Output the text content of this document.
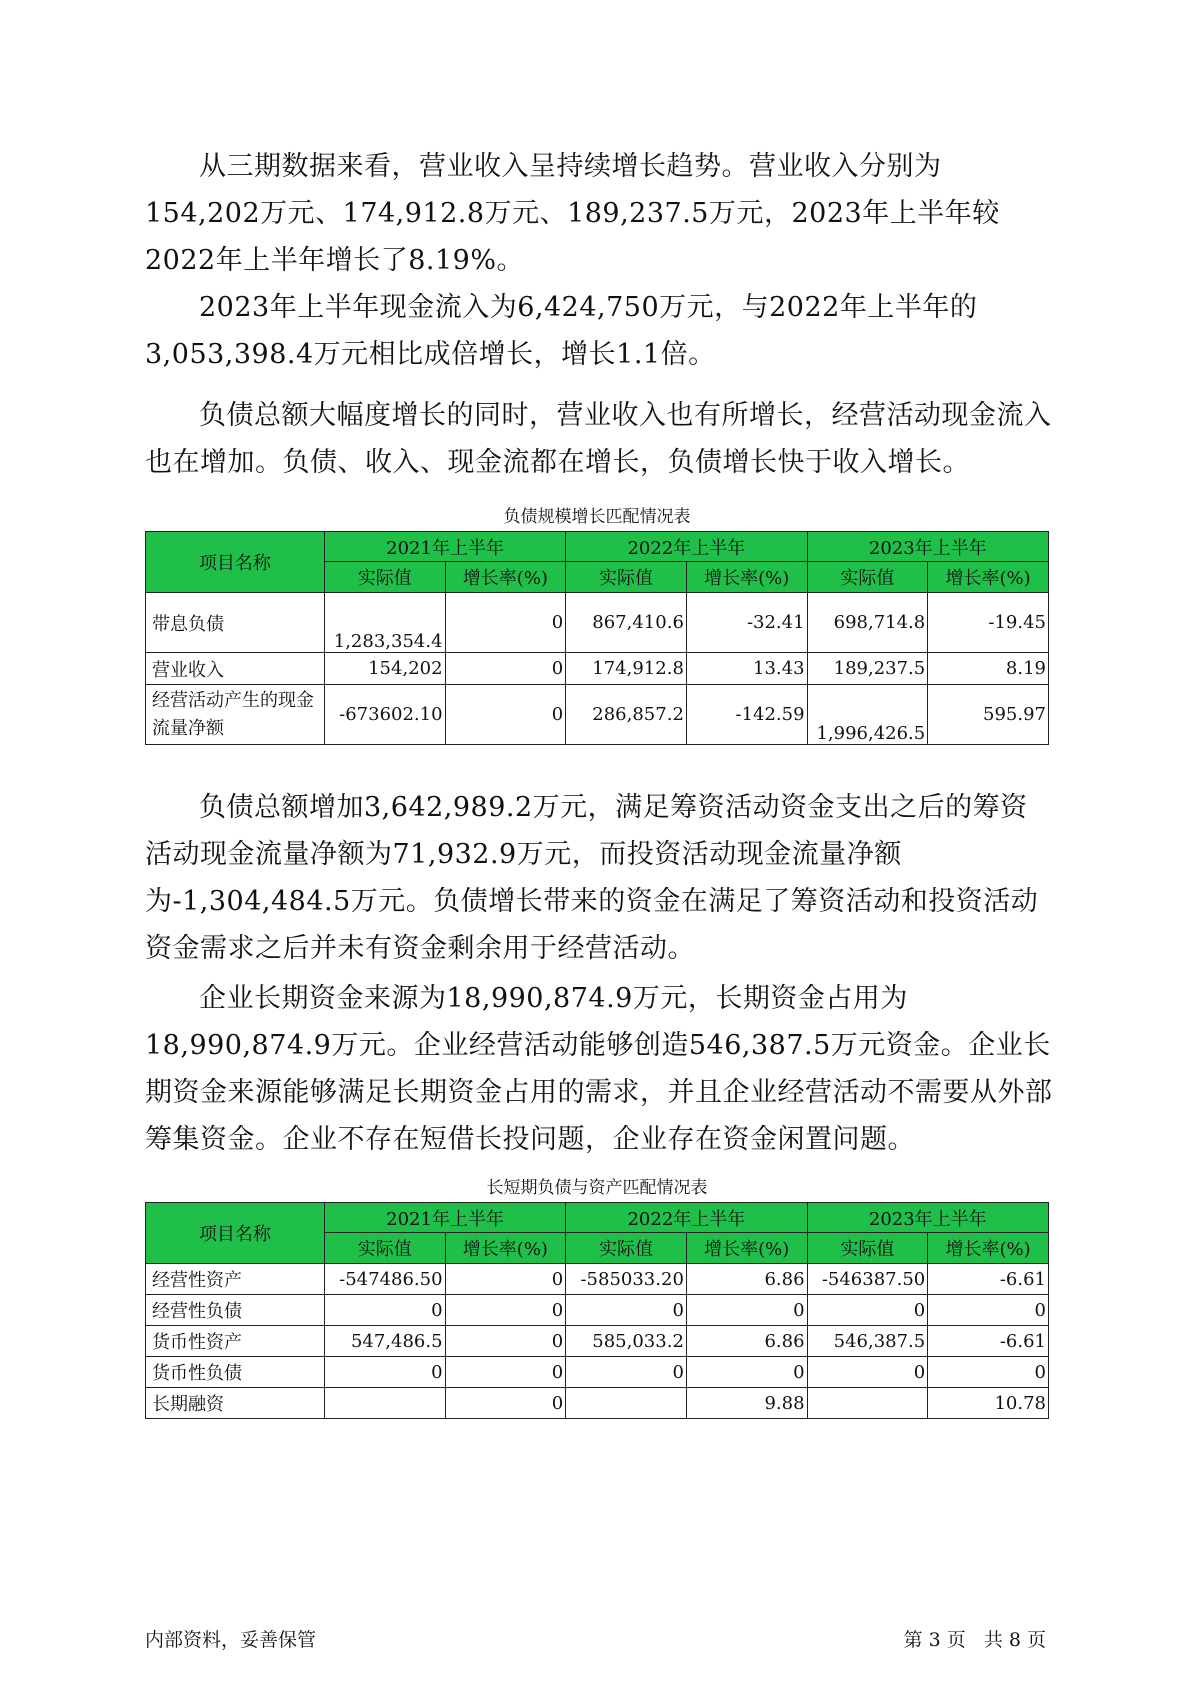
从三期数据来看，营业收入呈持续增长趋势。营业收入分别为154,202万元、174,912.8万元、189,237.5万元，2023年上半年较2022年上半年增长了8.19%。

2023年上半年现金流入为6,424,750万元，与2022年上半年的3,053,398.4万元相比成倍增长，增长1.1倍。

负债总额大幅度增长的同时，营业收入也有所增长，经营活动现金流入也在增加。负债、收入、现金流都在增长，负债增长快于收入增长。

负债规模增长匹配情况表

项目名称	2021年上半年		2022年上半年		2023年上半年	
	实际值	增长率(%)	实际值	增长率(%)	实际值	增长率(%)
带息负债	1,283,354.4	0	867,410.6	-32.41	698,714.8	-19.45
营业收入	154,202	0	174,912.8	13.43	189,237.5	8.19
经营活动产生的现金流量净额	-673602.10	0	286,857.2	-142.59	1,996,426.5	595.97

负债总额增加3,642,989.2万元，满足筹资活动资金支出之后的筹资活动现金流量净额为71,932.9万元，而投资活动现金流量净额为-1,304,484.5万元。负债增长带来的资金在满足了筹资活动和投资活动资金需求之后并未有资金剩余用于经营活动。

企业长期资金来源为18,990,874.9万元，长期资金占用为18,990,874.9万元。企业经营活动能够创造546,387.5万元资金。企业长期资金来源能够满足长期资金占用的需求，并且企业经营活动不需要从外部筹集资金。企业不存在短借长投问题，企业存在资金闲置问题。

长短期负债与资产匹配情况表

项目名称	2021年上半年		2022年上半年		2023年上半年	
	实际值	增长率(%)	实际值	增长率(%)	实际值	增长率(%)
经营性资产	-547486.50	0	-585033.20	6.86	-546387.50	-6.61
经营性负债	0	0	0	0	0	0
货币性资产	547,486.5	0	585,033.2	6.86	546,387.5	-6.61
货币性负债	0	0	0	0	0	0
长期融资		0		9.88		10.78
内部资料，妥善保管	第 3 页   共 8 页
